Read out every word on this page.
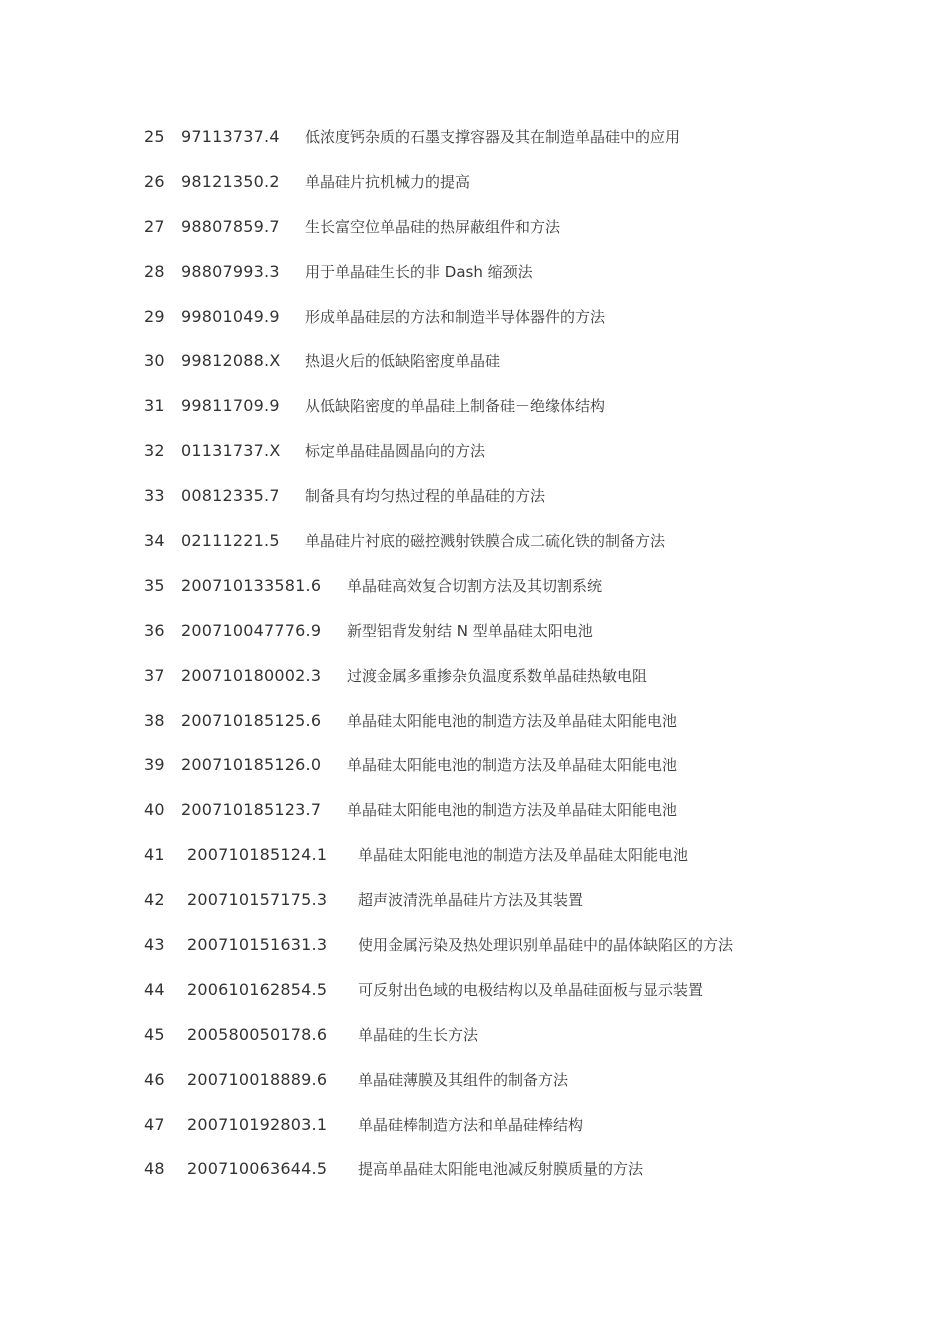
25 97113737.4 低浓度钙杂质的石墨支撑容器及其在制造单晶硅中的应用
26 98121350.2 单晶硅片抗机械力的提高
27 98807859.7 生长富空位单晶硅的热屏蔽组件和方法
28 98807993.3 用于单晶硅生长的非 Dash 缩颈法
29 99801049.9 形成单晶硅层的方法和制造半导体器件的方法
30 99812088.X 热退火后的低缺陷密度单晶硅
31 99811709.9 从低缺陷密度的单晶硅上制备硅－绝缘体结构
32 01131737.X 标定单晶硅晶圆晶向的方法
33 00812335.7 制备具有均匀热过程的单晶硅的方法
34 02111221.5 单晶硅片衬底的磁控溅射铁膜合成二硫化铁的制备方法
35 200710133581.6 单晶硅高效复合切割方法及其切割系统
36 200710047776.9 新型铝背发射结 N 型单晶硅太阳电池
37 200710180002.3 过渡金属多重掺杂负温度系数单晶硅热敏电阻
38 200710185125.6 单晶硅太阳能电池的制造方法及单晶硅太阳能电池
39 200710185126.0 单晶硅太阳能电池的制造方法及单晶硅太阳能电池
40 200710185123.7 单晶硅太阳能电池的制造方法及单晶硅太阳能电池
41 200710185124.1 单晶硅太阳能电池的制造方法及单晶硅太阳能电池
42 200710157175.3 超声波清洗单晶硅片方法及其装置
43 200710151631.3 使用金属污染及热处理识别单晶硅中的晶体缺陷区的方法
44 200610162854.5 可反射出色域的电极结构以及单晶硅面板与显示装置
45 200580050178.6 单晶硅的生长方法
46 200710018889.6 单晶硅薄膜及其组件的制备方法
47 200710192803.1 单晶硅棒制造方法和单晶硅棒结构
48 200710063644.5 提高单晶硅太阳能电池减反射膜质量的方法
